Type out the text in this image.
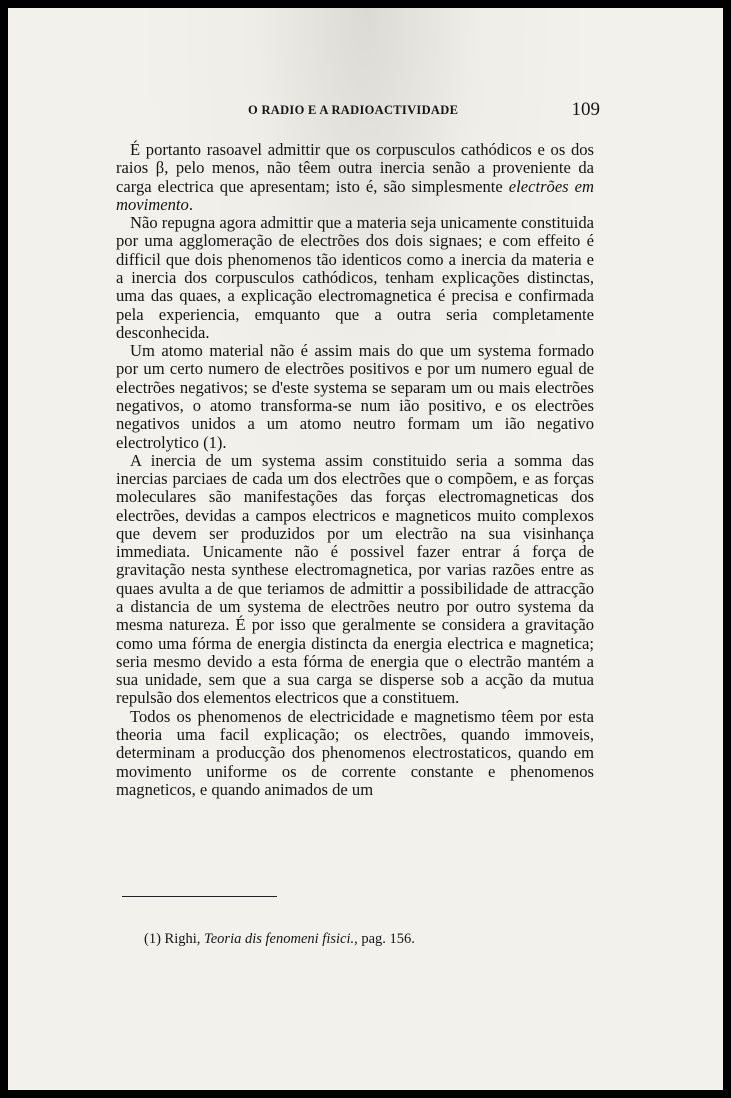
O RADIO E A RADIOACTIVIDADE	109

É portanto rasoavel admittir que os corpusculos cathódicos e os dos raios β, pelo menos, não têem outra inercia senão a proveniente da carga electrica que apresentam; isto é, são simplesmente electrões em movimento.

Não repugna agora admittir que a materia seja unicamente constituida por uma agglomeração de electrões dos dois signaes; e com effeito é difficil que dois phenomenos tão identicos como a inercia da materia e a inercia dos corpusculos cathódicos, tenham explicações distinctas, uma das quaes, a explicação electromagnetica é precisa e confirmada pela experiencia, emquanto que a outra seria completamente desconhecida.

Um atomo material não é assim mais do que um systema formado por um certo numero de electrões positivos e por um numero egual de electrões negativos; se d'este systema se separam um ou mais electrões negativos, o atomo transforma-se num ião positivo, e os electrões negativos unidos a um atomo neutro formam um ião negativo electrolytico (1).

A inercia de um systema assim constituido seria a somma das inercias parciaes de cada um dos electrões que o compõem, e as forças moleculares são manifestações das forças electromagneticas dos electrões, devidas a campos electricos e magneticos muito complexos que devem ser produzidos por um electrão na sua visinhança immediata. Unicamente não é possivel fazer entrar á força de gravitação nesta synthese electromagnetica, por varias razões entre as quaes avulta a de que teriamos de admittir a possibilidade de attracção a distancia de um systema de electrões neutro por outro systema da mesma natureza. É por isso que geralmente se considera a gravitação como uma fórma de energia distincta da energia electrica e magnetica; seria mesmo devido a esta fórma de energia que o electrão mantém a sua unidade, sem que a sua carga se disperse sob a acção da mutua repulsão dos elementos electricos que a constituem.

Todos os phenomenos de electricidade e magnetismo têem por esta theoria uma facil explicação; os electrões, quando immoveis, determinam a producção dos phenomenos electrostaticos, quando em movimento uniforme os de corrente constante e phenomenos magneticos, e quando animados de um

(1) Righi, Teoria dis fenomeni fisici., pag. 156.
